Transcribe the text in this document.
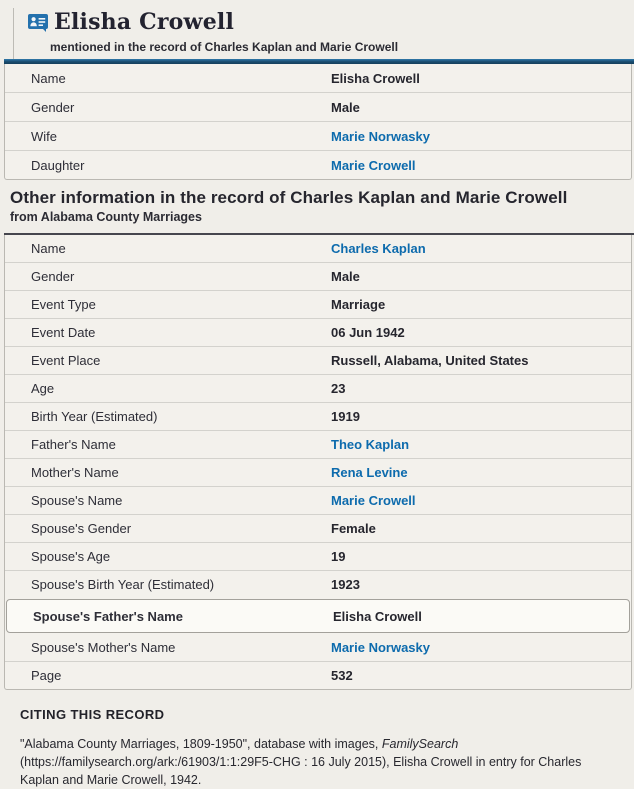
Elisha Crowell
mentioned in the record of Charles Kaplan and Marie Crowell
Name	Elisha Crowell
Gender	Male
Wife	Marie Norwasky
Daughter	Marie Crowell
Other information in the record of Charles Kaplan and Marie Crowell
from Alabama County Marriages
Name	Charles Kaplan
Gender	Male
Event Type	Marriage
Event Date	06 Jun 1942
Event Place	Russell, Alabama, United States
Age	23
Birth Year (Estimated)	1919
Father's Name	Theo Kaplan
Mother's Name	Rena Levine
Spouse's Name	Marie Crowell
Spouse's Gender	Female
Spouse's Age	19
Spouse's Birth Year (Estimated)	1923
Spouse's Father's Name	Elisha Crowell
Spouse's Mother's Name	Marie Norwasky
Page	532
CITING THIS RECORD

"Alabama County Marriages, 1809-1950", database with images, FamilySearch (https://familysearch.org/ark:/61903/1:1:29F5-CHG : 16 July 2015), Elisha Crowell in entry for Charles Kaplan and Marie Crowell, 1942.
